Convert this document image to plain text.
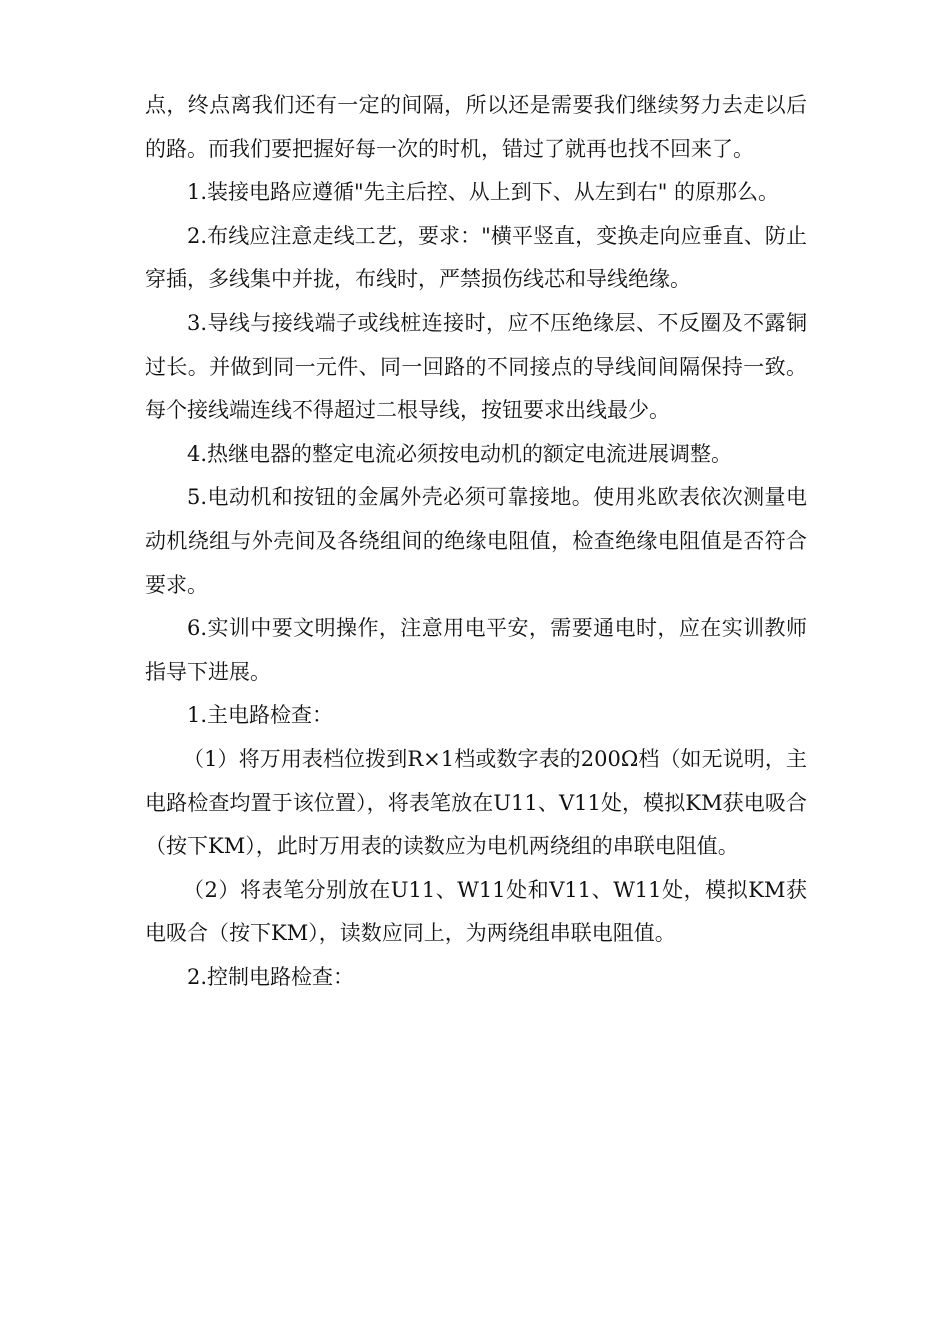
点，终点离我们还有一定的间隔，所以还是需要我们继续努力去走以后的路。而我们要把握好每一次的时机，错过了就再也找不回来了。

1.装接电路应遵循"先主后控、从上到下、从左到右" 的原那么。

2.布线应注意走线工艺，要求："横平竖直，变换走向应垂直、防止穿插，多线集中并拢，布线时，严禁损伤线芯和导线绝缘。

3.导线与接线端子或线桩连接时，应不压绝缘层、不反圈及不露铜过长。并做到同一元件、同一回路的不同接点的导线间间隔保持一致。每个接线端连线不得超过二根导线，按钮要求出线最少。

4.热继电器的整定电流必须按电动机的额定电流进展调整。

5.电动机和按钮的金属外壳必须可靠接地。使用兆欧表依次测量电动机绕组与外壳间及各绕组间的绝缘电阻值，检查绝缘电阻值是否符合要求。

6.实训中要文明操作，注意用电平安，需要通电时，应在实训教师指导下进展。

1.主电路检查：

（1）将万用表档位拨到R×1档或数字表的200Ω档（如无说明，主电路检查均置于该位置），将表笔放在U11、V11处，模拟KM获电吸合（按下KM），此时万用表的读数应为电机两绕组的串联电阻值。

（2）将表笔分别放在U11、W11处和V11、W11处，模拟KM获电吸合（按下KM），读数应同上，为两绕组串联电阻值。

2.控制电路检查：
